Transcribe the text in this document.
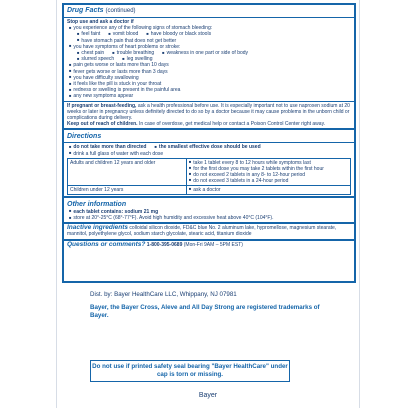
Drug Facts (continued)
Stop use and ask a doctor if
■ you experience any of the following signs of stomach bleeding:
■ feel faint	■ vomit blood	■ have bloody or black stools
■ have stomach pain that does not get better
■ you have symptoms of heart problems or stroke:
■ chest pain	■ trouble breathing	■ weakness in one part or side of body
■ slurred speech	■ leg swelling
■ pain gets worse or lasts more than 10 days
■ fever gets worse or lasts more than 3 days
■ you have difficulty swallowing
■ it feels like the pill is stuck in your throat
■ redness or swelling is present in the painful area
■ any new symptoms appear
If pregnant or breast-feeding, ask a health professional before use. It is especially important not to use naproxen sodium at 20 weeks or later in pregnancy unless definitely directed to do so by a doctor because it may cause problems in the unborn child or complications during delivery.
Keep out of reach of children. In case of overdose, get medical help or contact a Poison Control Center right away.
Directions
■ do not take more than directed	■ the smallest effective dose should be used
■ drink a full glass of water with each dose
Adults and children 12 years and older	■ take 1 tablet every 8 to 12 hours while symptoms last
■ for the first dose you may take 2 tablets within the first hour
■ do not exceed 2 tablets in any 8- to 12-hour period
■ do not exceed 3 tablets in a 24-hour period

Children under 12 years	■ ask a doctor
Other information
■ each tablet contains: sodium 21 mg
■ store at 20°-25°C (68°-77°F). Avoid high humidity and excessive heat above 40°C (104°F).
Inactive ingredients colloidal silicon dioxide, FD&C blue No. 2 aluminum lake, hypromellose, magnesium stearate, mannitol, polyethylene glycol, sodium starch glycolate, stearic acid, titanium dioxide
Questions or comments? 1-800-395-0689 (Mon-Fri 9AM – 5PM EST)
Dist. by: Bayer HealthCare LLC, Whippany, NJ 07981
Bayer, the Bayer Cross, Aleve and All Day Strong are registered trademarks of Bayer.
Do not use if printed safety seal bearing "Bayer HealthCare" under cap is torn or missing.
Bayer
